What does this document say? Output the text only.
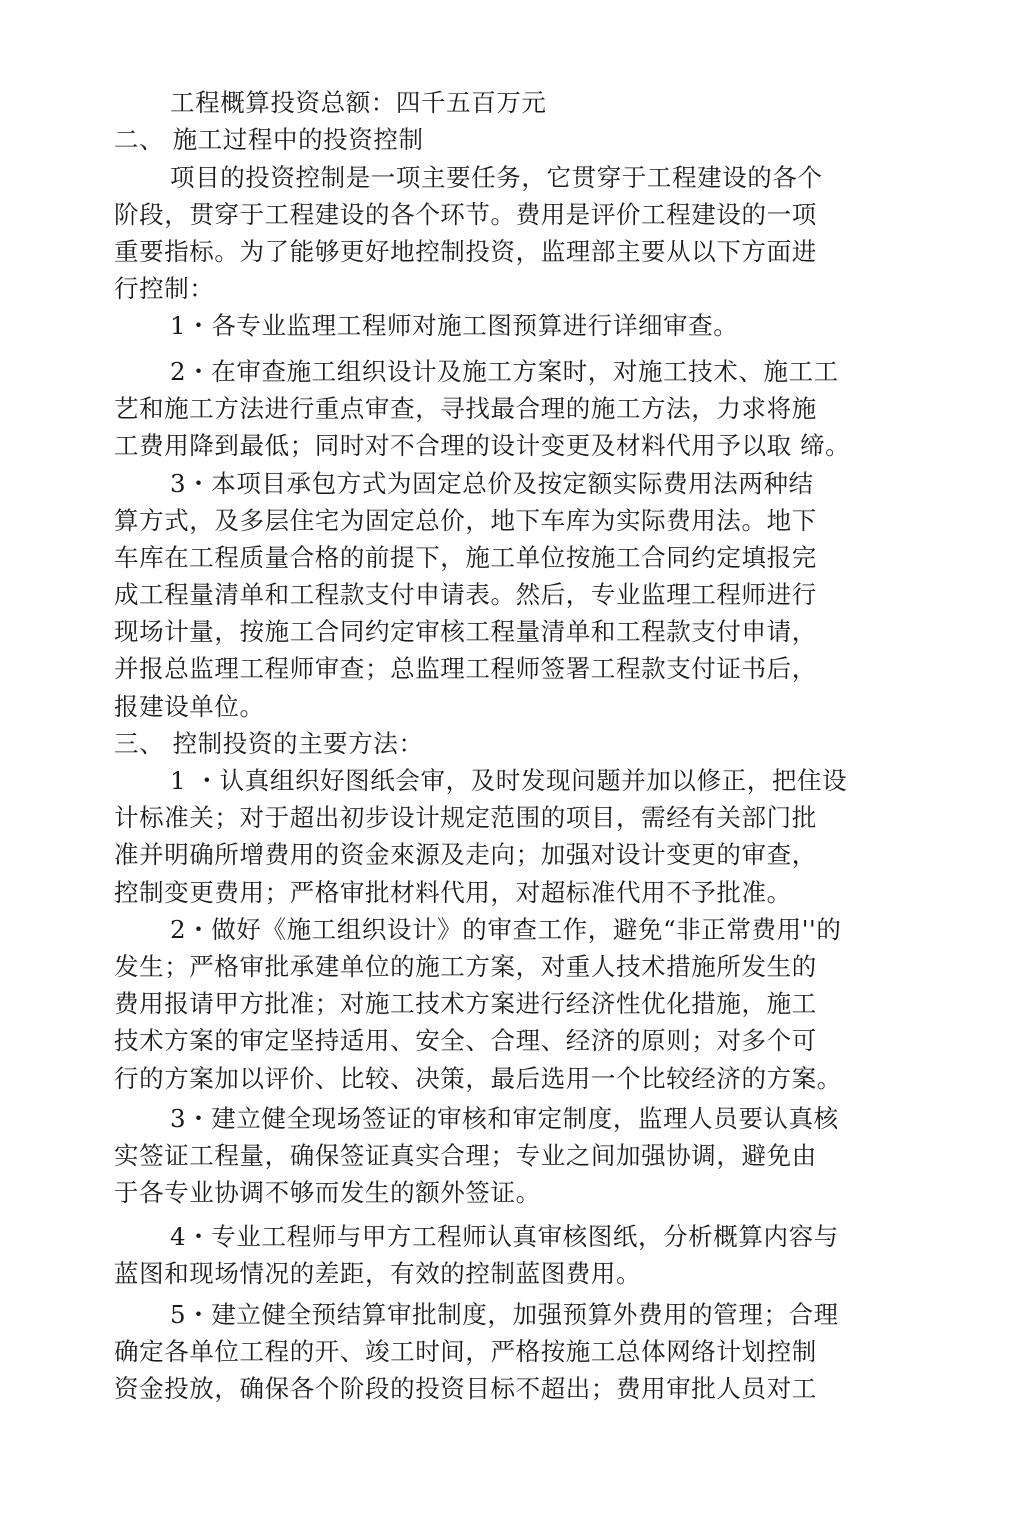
工程概算投资总额：四千五百万元
二、 施工过程中的投资控制
项目的投资控制是一项主要任务，它贯穿于工程建设的各个
阶段，贯穿于工程建设的各个环节。费用是评价工程建设的一项
重要指标。为了能够更好地控制投资，监理部主要从以下方面进
行控制：
1・各专业监理工程师对施工图预算进行详细审查。
2・在审查施工组织设计及施工方案时，对施工技术、施工工
艺和施工方法进行重点审查，寻找最合理的施工方法，力求将施
工费用降到最低；同时对不合理的设计变更及材料代用予以取 缔。
3・本项目承包方式为固定总价及按定额实际费用法两种结
算方式，及多层住宅为固定总价，地下车库为实际费用法。地下
车库在工程质量合格的前提下，施工单位按施工合同约定填报完
成工程量清单和工程款支付申请表。然后，专业监理工程师进行
现场计量，按施工合同约定审核工程量清单和工程款支付申请，
并报总监理工程师审查；总监理工程师签署工程款支付证书后，
报建设单位。
三、 控制投资的主要方法：
1 ・认真组织好图纸会审，及时发现问题并加以修正，把住设
计标准关；对于超出初步设计规定范围的项目，需经有关部门批
准并明确所增费用的资金來源及走向；加强对设计变更的审查，
控制变更费用；严格审批材料代用，对超标准代用不予批准。
2・做好《施工组织设计》的审查工作，避免“非正常费用''的
发生；严格审批承建单位的施工方案，对重人技术措施所发生的
费用报请甲方批准；对施工技术方案进行经济性优化措施，施工
技术方案的审定坚持适用、安全、合理、经济的原则；对多个可
行的方案加以评价、比较、决策，最后选用一个比较经济的方案。
3・建立健全现场签证的审核和审定制度，监理人员要认真核
实签证工程量，确保签证真实合理；专业之间加强协调，避免由
于各专业协调不够而发生的额外签证。
4・专业工程师与甲方工程师认真审核图纸，分析概算内容与
蓝图和现场情况的差距，有效的控制蓝图费用。
5・建立健全预结算审批制度，加强预算外费用的管理；合理
确定各单位工程的开、竣工时间，严格按施工总体网络计划控制
资金投放，确保各个阶段的投资目标不超出；费用审批人员对工
